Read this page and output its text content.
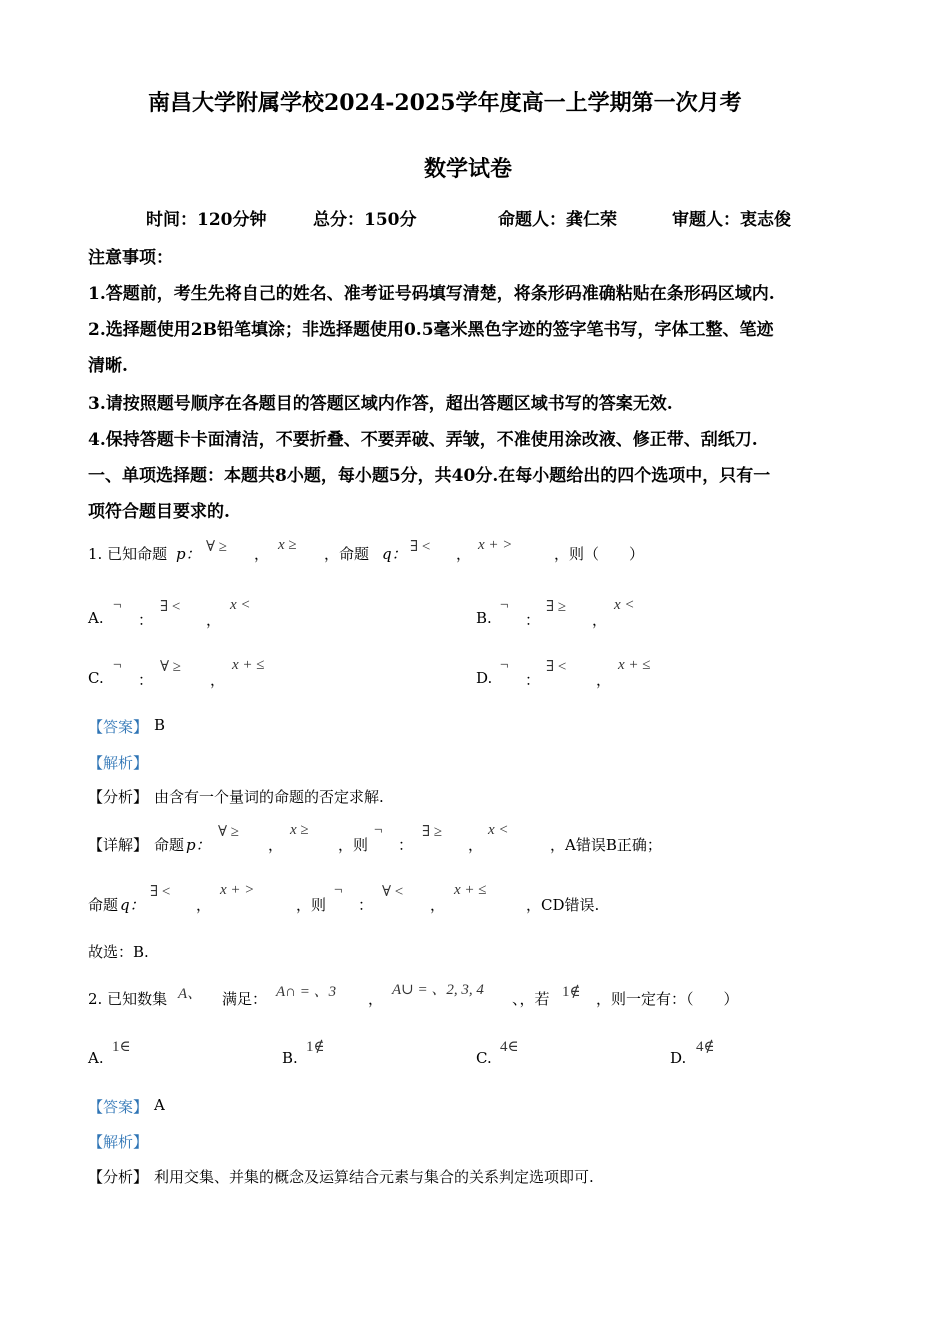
南昌大学附属学校2024-2025学年度高一上学期第一次月考
数学试卷
时间：120分钟	总分：150分	命题人：龚仁荣	审题人：衷志俊
注意事项：
1.答题前，考生先将自己的姓名、准考证号码填写清楚，将条形码准确粘贴在条形码区域内.
2.选择题使用2B铅笔填涂；非选择题使用0.5毫米黑色字迹的签字笔书写，字体工整、笔迹
清晰.
3.请按照题号顺序在各题目的答题区域内作答，超出答题区域书写的答案无效.
4.保持答题卡卡面清洁，不要折叠、不要弄破、弄皱，不准使用涂改液、修正带、刮纸刀.
一、单项选择题：本题共8小题，每小题5分，共40分.在每小题给出的四个选项中，只有一
项符合题目要求的.
1. 已知命题 p： ∀ ≥ ， x ≥ ，命题 q： ∃ < ， x + >	，则（　　）
A.
¬
：
∃ <
，
x <
B.
¬
：
∃ ≥
，
x <
C.
¬
：
∀ ≥
，
x + ≤
D.
¬
：
∃ <
，
x + ≤
【答案】 B
【解析】
【分析】 由含有一个量词的命题的否定求解.
【详解】 命题 p：
∀ ≥
，
x ≥
，则
¬
：
∃ ≥
，
x <
，A错误B正确；
命题 q：
∃ <
，
x + >
，则
¬
：
∀ <
，
x + ≤
，CD错误.
故选：B.
2. 已知数集 A、 满足： A∩ = 、3 ， A∪ = 、2, 3, 4 、，若 1∉ ，则一定有：（　　）
A.
1∈
B.
1∉
C.
4∈
D.
4∉
【答案】 A
【解析】
【分析】 利用交集、并集的概念及运算结合元素与集合的关系判定选项即可.
